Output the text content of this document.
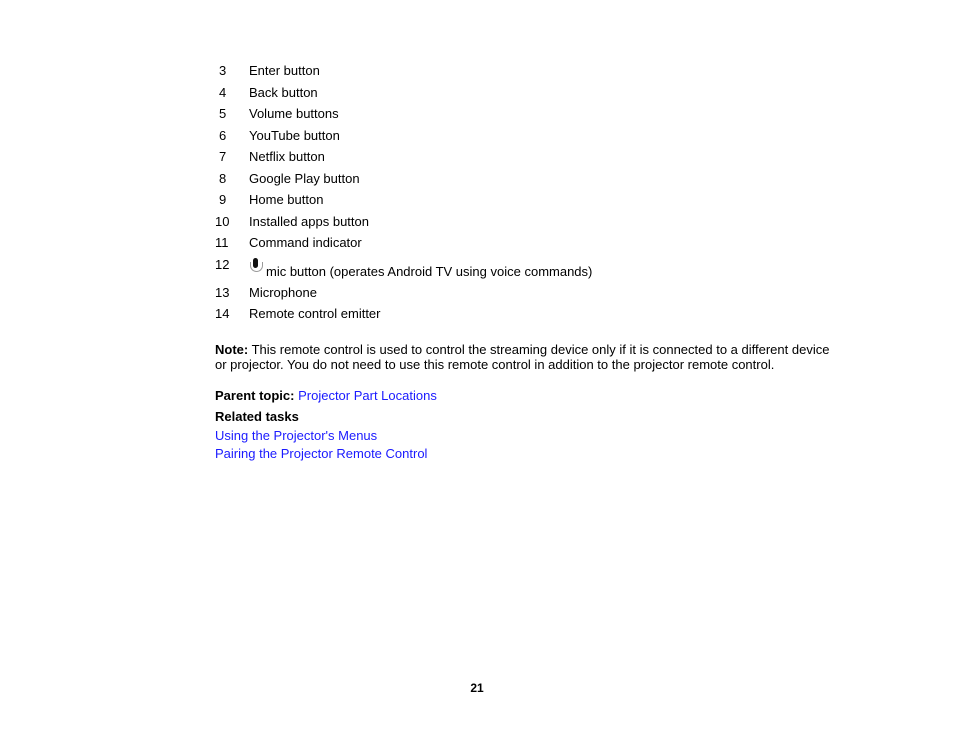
3	Enter button
4	Back button
5	Volume buttons
6	YouTube button
7	Netflix button
8	Google Play button
9	Home button
10	Installed apps button
11	Command indicator
12	mic button (operates Android TV using voice commands)
13	Microphone
14	Remote control emitter
Note: This remote control is used to control the streaming device only if it is connected to a different device or projector. You do not need to use this remote control in addition to the projector remote control.
Parent topic: Projector Part Locations
Related tasks
Using the Projector's Menus
Pairing the Projector Remote Control
21
